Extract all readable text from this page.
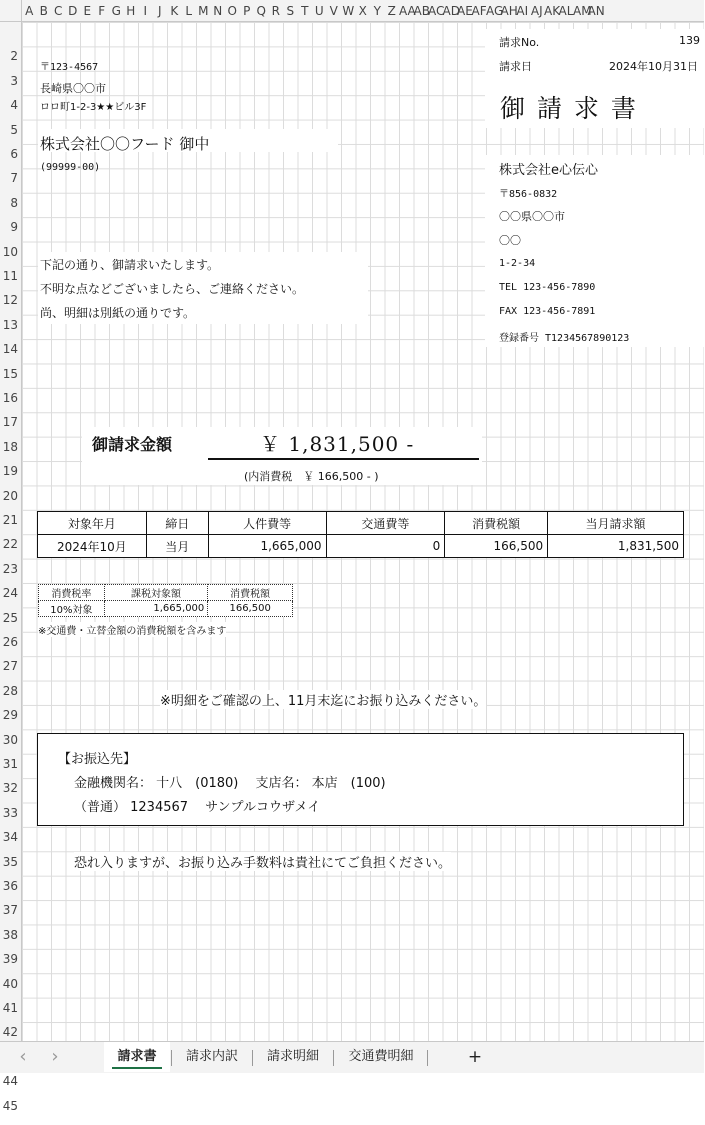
A B C D E F G H I J K L M N O P Q R S T U V W X Y Z AA
AB
AC
AD
AE
AF AG
AH
AI AJ AK
AL AM
AN
2
3
4
5
6
7
8
9
10
11
12
13
14
15
16
17
18
19
20
21
22
23
24
25
26
27
28
29
30
31
32
33
34
35
36
37
38
39
40
41
42
44
45
請求No.	139
請求日	2024年10月31日
御 請 求 書
〒123-4567
長崎県〇〇市
ロロ町1-2-3★★ビル3F
株式会社〇〇フード 御中
(99999-00)	株式会社e心伝心
〒856-0832
〇〇県〇〇市
〇〇
1-2-34
TEL 123-456-7890
FAX 123-456-7891
登録番号 T1234567890123
下記の通り、御請求いたします。
不明な点などございましたら、ご連絡ください。
尚、明細は別紙の通りです。
御請求金額	￥ 1,831,500 -
(内消費税　￥ 166,500 - )
対象年月	締日	人件費等	交通費等	消費税額	当月請求額
2024年10月	当月	1,665,000	0	166,500	1,831,500
消費税率	課税対象額	消費税額
10%対象	1,665,000	166,500
※交通費・立替金額の消費税額を含みます
※明細をご確認の上、11月末迄にお振り込みください。
【お振込先】
金融機関名： 十八　(0180)　 支店名： 本店　(100)
（普通） 1234567　 サンプルコウザメイ
恐れ入りますが、お振り込み手数料は貴社にてご負担ください。
‹	›	請求書	請求内訳	請求明細	交通費明細	+
